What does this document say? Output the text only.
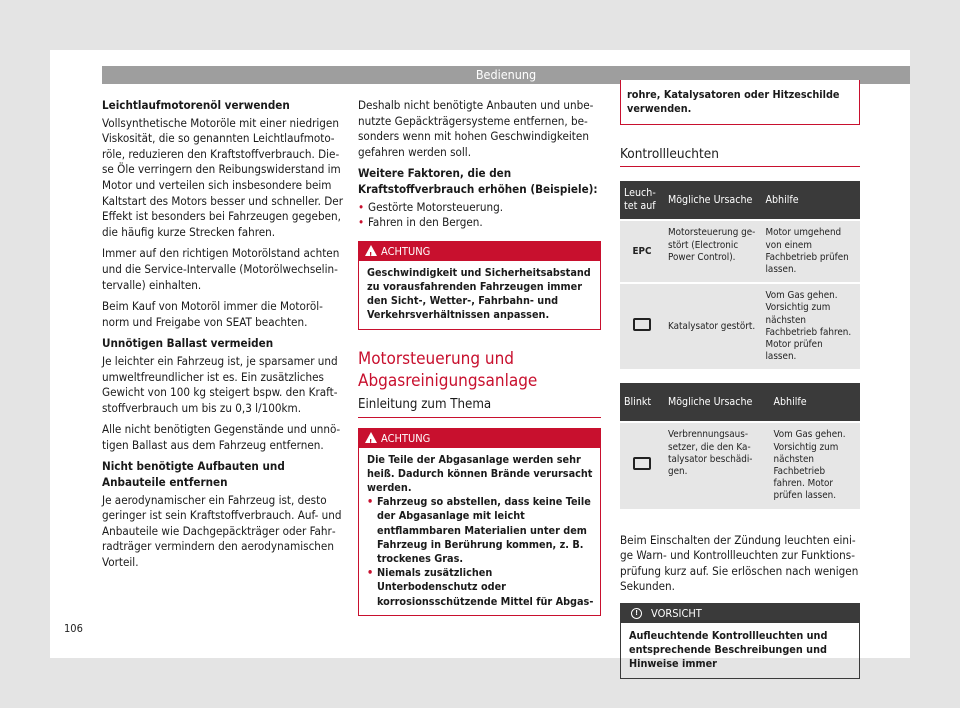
Bedienung

Leichtlaufmotorenöl verwenden

Vollsynthetische Motoröle mit einer niedrigen Viskosität, die so genannten Leichtlaufmotoröle, reduzieren den Kraftstoffverbrauch. Diese Öle verringern den Reibungswiderstand im Motor und verteilen sich insbesondere beim Kaltstart des Motors besser und schneller. Der Effekt ist besonders bei Fahrzeugen gegeben, die häufig kurze Strecken fahren.

Immer auf den richtigen Motorölstand achten und die Service-Intervalle (Motorölwechselintervalle) einhalten.

Beim Kauf von Motoröl immer die Motorölnorm und Freigabe von SEAT beachten.

Unnötigen Ballast vermeiden

Je leichter ein Fahrzeug ist, je sparsamer und umweltfreundlicher ist es. Ein zusätzliches Gewicht von 100 kg steigert bspw. den Kraftstoffverbrauch um bis zu 0,3 l/100km.

Alle nicht benötigten Gegenstände und unnötigen Ballast aus dem Fahrzeug entfernen.

Nicht benötigte Aufbauten und Anbauteile entfernen

Je aerodynamischer ein Fahrzeug ist, desto geringer ist sein Kraftstoffverbrauch. Auf- und Anbauteile wie Dachgepäckträger oder Fahrradträger vermindern den aerodynamischen Vorteil.

Deshalb nicht benötigte Anbauten und unbenutzte Gepäckträgersysteme entfernen, besonders wenn mit hohen Geschwindigkeiten gefahren werden soll.

Weitere Faktoren, die den Kraftstoffverbrauch erhöhen (Beispiele):

• Gestörte Motorsteuerung.
• Fahren in den Bergen.
!
ACHTUNG
Geschwindigkeit und Sicherheitsabstand zu vorausfahrenden Fahrzeugen immer den Sicht-, Wetter-, Fahrbahn- und Verkehrsverhältnissen anpassen.
Motorsteuerung und Abgasreinigungsanlage
Einleitung zum Thema
!
ACHTUNG
Die Teile der Abgasanlage werden sehr heiß. Dadurch können Brände verursacht werden.
• Fahrzeug so abstellen, dass keine Teile der Abgasanlage mit leicht entflammbaren Materialien unter dem Fahrzeug in Berührung kommen, z. B. trockenes Gras.
• Niemals zusätzlichen Unterbodenschutz oder korrosionsschützende Mittel für Abgas-
rohre, Katalysatoren oder Hitzeschilde verwenden.
Kontrollleuchten
Leuchtet auf	Mögliche Ursache	Abhilfe
EPC	Motorsteuerung gestört (Electronic Power Control).	Motor umgehend von einem Fachbetrieb prüfen lassen.
	Katalysator gestört.	Vom Gas gehen. Vorsichtig zum nächsten Fachbetrieb fahren. Motor prüfen lassen.
Blinkt	Mögliche Ursache	Abhilfe
	Verbrennungsaussetzer, die den Katalysator beschädigen.	Vom Gas gehen. Vorsichtig zum nächsten Fachbetrieb fahren. Motor prüfen lassen.

Beim Einschalten der Zündung leuchten einige Warn- und Kontrollleuchten zur Funktionsprüfung kurz auf. Sie erlöschen nach wenigen Sekunden.

!	VORSICHT
Aufleuchtende Kontrollleuchten und entsprechende Beschreibungen und Hinweise immer
106
